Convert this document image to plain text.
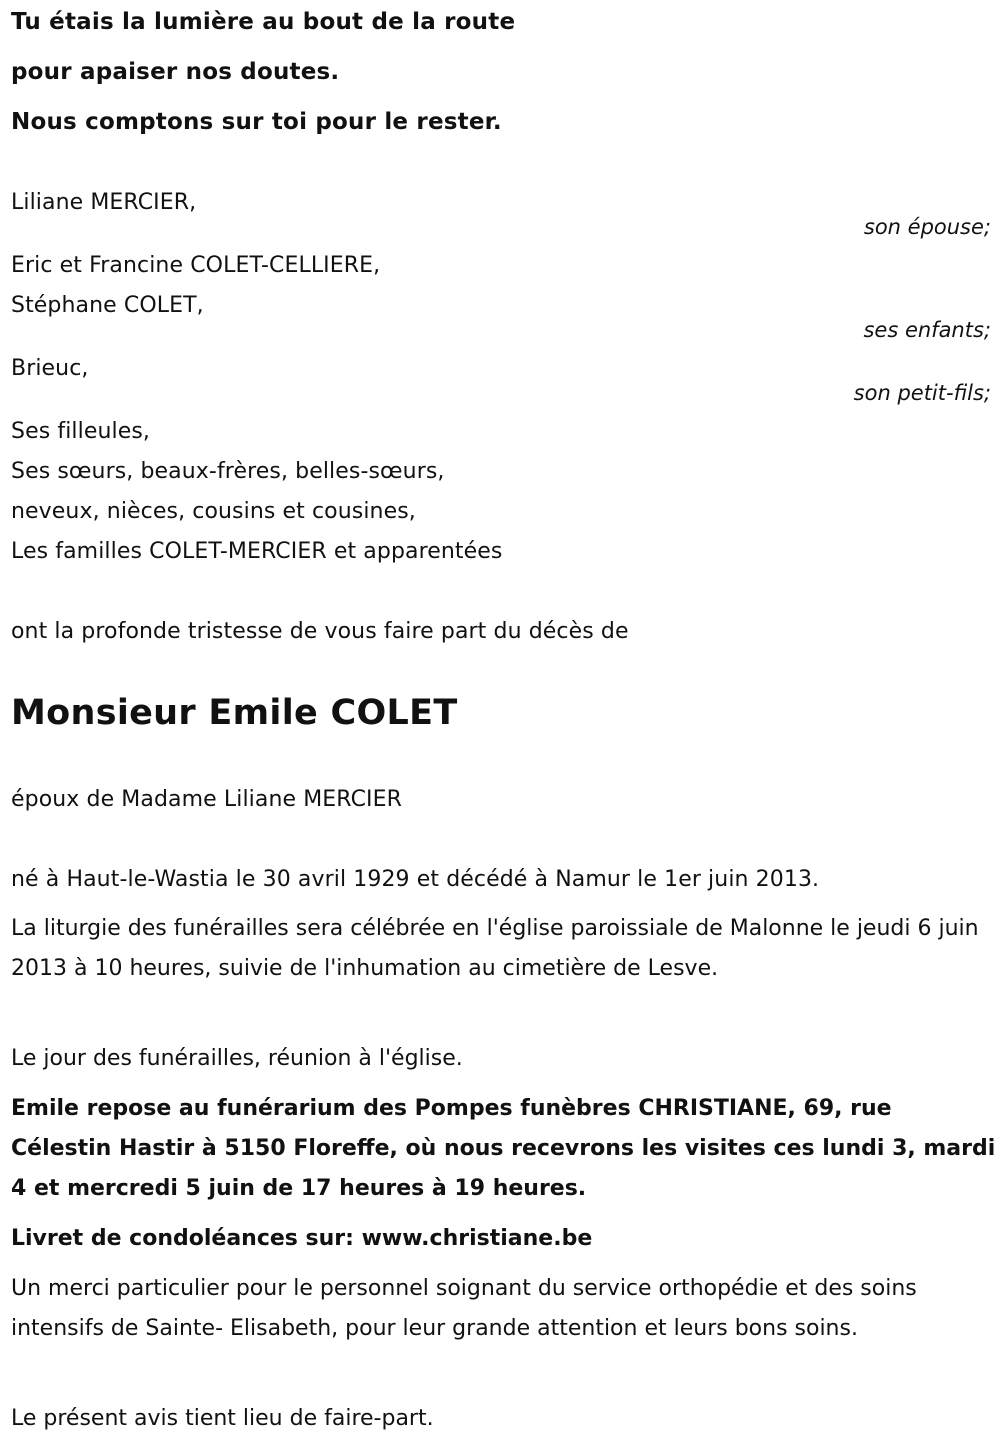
Tu étais la lumière au bout de la route
pour apaiser nos doutes.
Nous comptons sur toi pour le rester.
Liliane MERCIER,
son épouse;
Eric et Francine COLET-CELLIERE,
Stéphane COLET,
ses enfants;
Brieuc,
son petit-fils;
Ses filleules,
Ses sœurs, beaux-frères, belles-sœurs,
neveux, nièces, cousins et cousines,
Les familles COLET-MERCIER et apparentées
ont la profonde tristesse de vous faire part du décès de
Monsieur Emile COLET
époux de Madame Liliane MERCIER
né à Haut-le-Wastia le 30 avril 1929 et décédé à Namur le 1er juin 2013.
La liturgie des funérailles sera célébrée en l'église paroissiale de Malonne le jeudi 6 juin 2013 à 10 heures, suivie de l'inhumation au cimetière de Lesve.
Le jour des funérailles, réunion à l'église.
Emile repose au funérarium des Pompes funèbres CHRISTIANE, 69, rue Célestin Hastir à 5150 Floreffe, où nous recevrons les visites ces lundi 3, mardi 4 et mercredi 5 juin de 17 heures à 19 heures.
Livret de condoléances sur: www.christiane.be
Un merci particulier pour le personnel soignant du service orthopédie et des soins intensifs de Sainte- Elisabeth, pour leur grande attention et leurs bons soins.
Le présent avis tient lieu de faire-part.
